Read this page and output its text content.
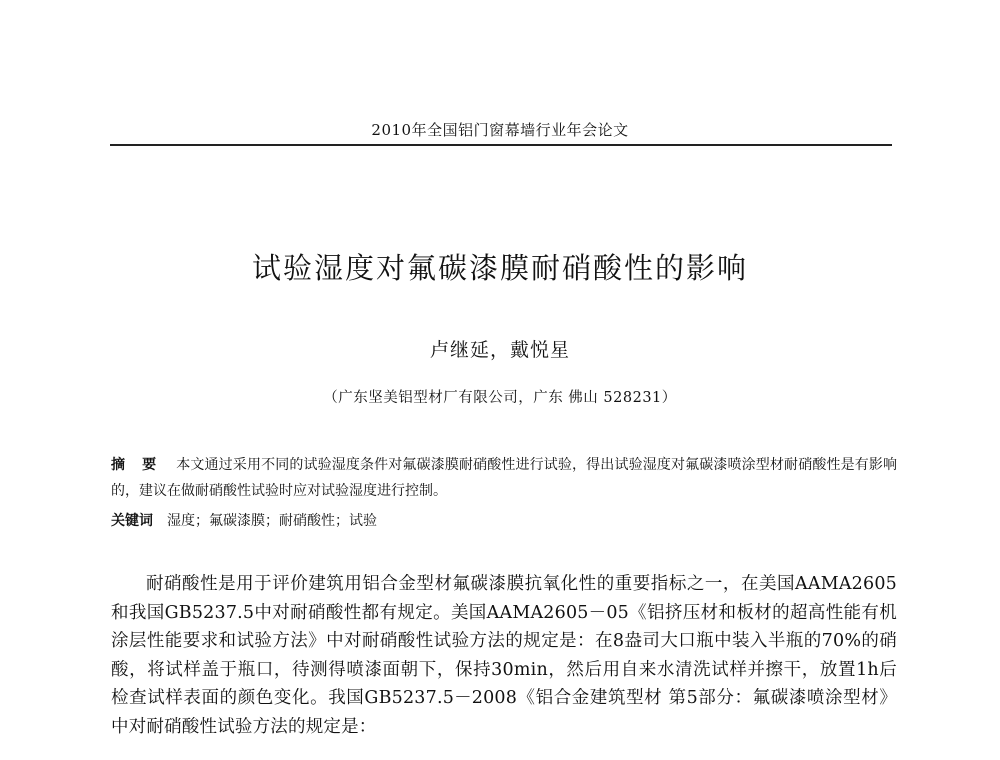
2010年全国铝门窗幕墙行业年会论文
试验湿度对氟碳漆膜耐硝酸性的影响
卢继延，戴悦星
（广东坚美铝型材厂有限公司，广东 佛山 528231）
摘 要 本文通过采用不同的试验湿度条件对氟碳漆膜耐硝酸性进行试验，得出试验湿度对氟碳漆喷涂型材耐硝酸性是有影响的，建议在做耐硝酸性试验时应对试验湿度进行控制。
关键词 湿度；氟碳漆膜；耐硝酸性；试验
耐硝酸性是用于评价建筑用铝合金型材氟碳漆膜抗氧化性的重要指标之一，在美国AAMA2605和我国GB5237.5中对耐硝酸性都有规定。美国AAMA2605－05《铝挤压材和板材的超高性能有机涂层性能要求和试验方法》中对耐硝酸性试验方法的规定是：在8盎司大口瓶中装入半瓶的70%的硝酸，将试样盖于瓶口，待测得喷漆面朝下，保持30min，然后用自来水清洗试样并擦干，放置1h后检查试样表面的颜色变化。我国GB5237.5－2008《铝合金建筑型材 第5部分：氟碳漆喷涂型材》中对耐硝酸性试验方法的规定是：
